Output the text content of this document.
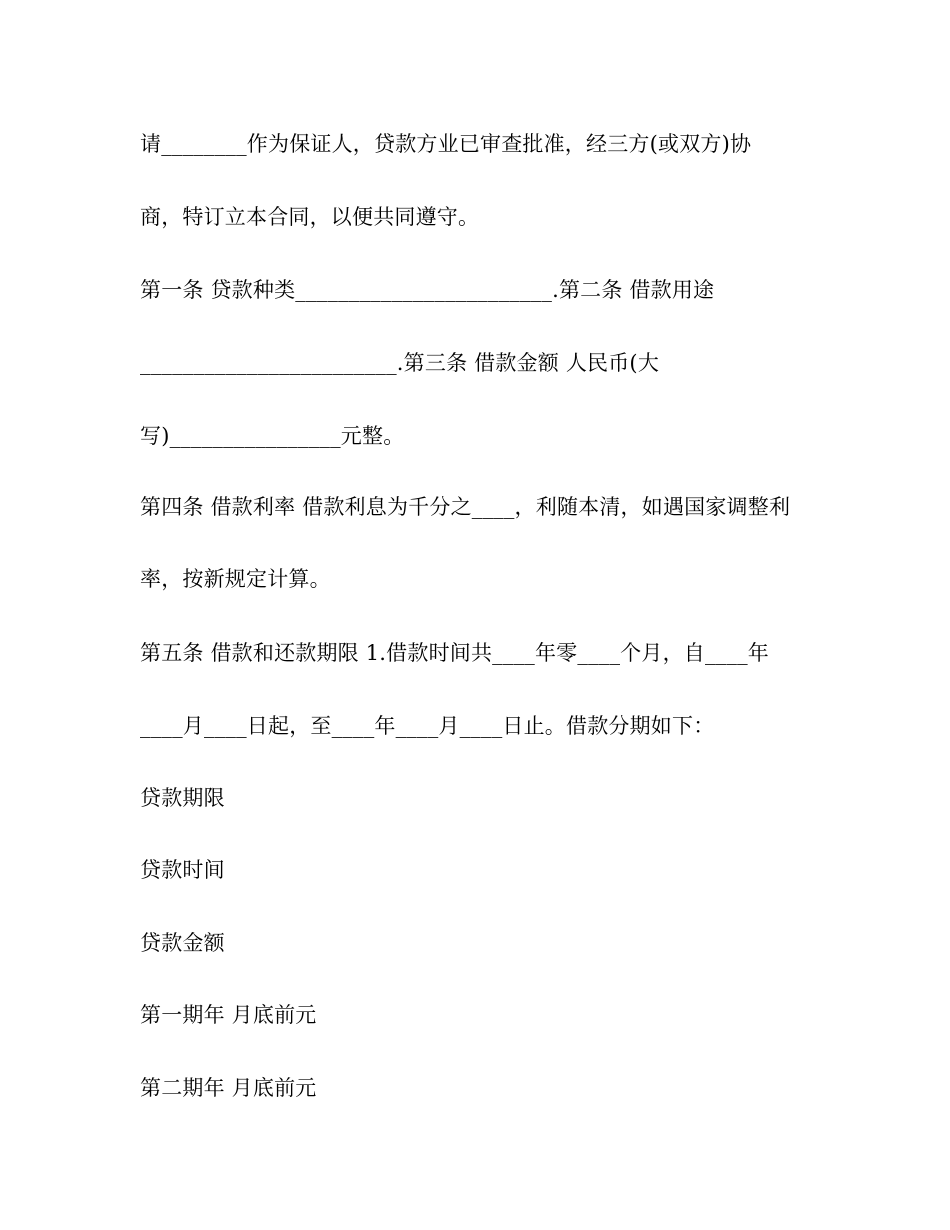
请________作为保证人，贷款方业已审查批准，经三方(或双方)协
商，特订立本合同，以便共同遵守。
第一条 贷款种类________________________.第二条 借款用途
________________________.第三条 借款金额 人民币(大
写)________________元整。
第四条 借款利率 借款利息为千分之____，利随本清，如遇国家调整利
率，按新规定计算。
第五条 借款和还款期限 1.借款时间共____年零____个月，自____年
____月____日起，至____年____月____日止。借款分期如下：
贷款期限
贷款时间
贷款金额
第一期年 月底前元
第二期年 月底前元
